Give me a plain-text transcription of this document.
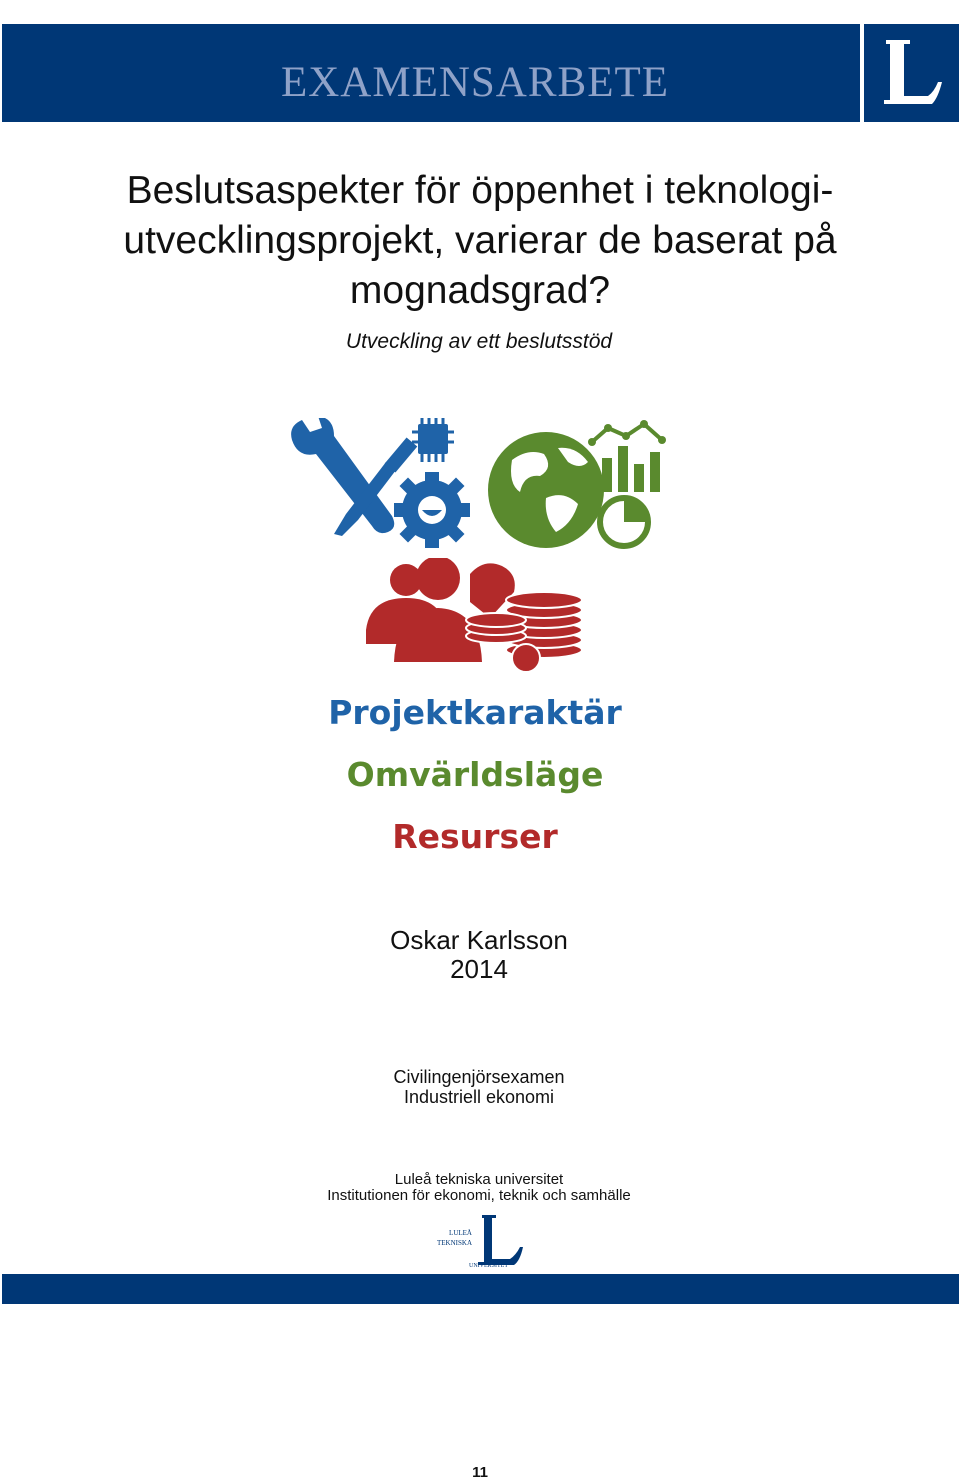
EXAMENSARBETE
Beslutsaspekter för öppenhet i teknologi-
utvecklingsprojekt, varierar de baserat på
mognadsgrad?
Utveckling av ett beslutsstöd
Projektkaraktär
Omvärldsläge
Resurser
Oskar Karlsson
2014
Civilingenjörsexamen
Industriell ekonomi
Luleå tekniska universitet
Institutionen för ekonomi, teknik och samhälle
LULEÅ
TEKNISKA
UNIVERSITET
11
